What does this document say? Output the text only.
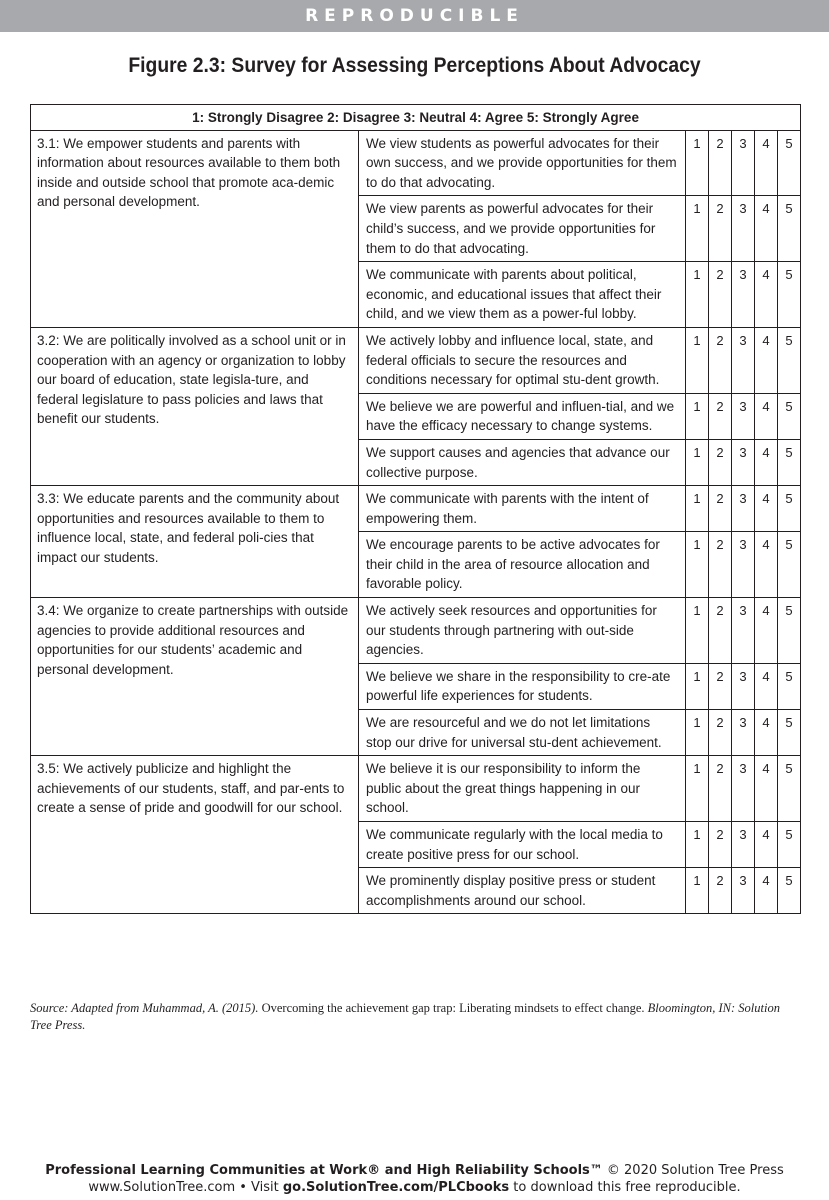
REPRODUCIBLE
Figure 2.3: Survey for Assessing Perceptions About Advocacy
1: Strongly Disagree 2: Disagree 3: Neutral 4: Agree 5: Strongly Agree						
3.1: We empower students and parents with information about resources available to them both inside and outside school that promote aca-demic and personal development.	We view students as powerful advocates for their own success, and we provide opportunities for them to do that advocating.	1	2	3	4	5
	We view parents as powerful advocates for their child’s success, and we provide opportunities for them to do that advocating.	1	2	3	4	5
	We communicate with parents about political, economic, and educational issues that affect their child, and we view them as a power-ful lobby.	1	2	3	4	5
3.2: We are politically involved as a school unit or in cooperation with an agency or organization to lobby our board of education, state legisla-ture, and federal legislature to pass policies and laws that benefit our students.	We actively lobby and influence local, state, and federal officials to secure the resources and conditions necessary for optimal stu-dent growth.	1	2	3	4	5
	We believe we are powerful and influen-tial, and we have the efficacy necessary to change systems.	1	2	3	4	5
	We support causes and agencies that advance our collective purpose.	1	2	3	4	5
3.3: We educate parents and the community about opportunities and resources available to them to influence local, state, and federal poli-cies that impact our students.	We communicate with parents with the intent of empowering them.	1	2	3	4	5
	We encourage parents to be active advocates for their child in the area of resource allocation and favorable policy.	1	2	3	4	5
3.4: We organize to create partnerships with outside agencies to provide additional resources and opportunities for our students’ academic and personal development.	We actively seek resources and opportunities for our students through partnering with out-side agencies.	1	2	3	4	5
	We believe we share in the responsibility to cre-ate powerful life experiences for students.	1	2	3	4	5
	We are resourceful and we do not let limitations stop our drive for universal stu-dent achievement.	1	2	3	4	5
3.5: We actively publicize and highlight the achievements of our students, staff, and par-ents to create a sense of pride and goodwill for our school.	We believe it is our responsibility to inform the public about the great things happening in our school.	1	2	3	4	5
	We communicate regularly with the local media to create positive press for our school.	1	2	3	4	5
	We prominently display positive press or student accomplishments around our school.	1	2	3	4	5
Source: Adapted from Muhammad, A. (2015). Overcoming the achievement gap trap: Liberating mindsets to effect change. Bloomington, IN: Solution Tree Press.
Professional Learning Communities at Work® and High Reliability Schools™ © 2020 Solution Tree Press
www.SolutionTree.com • Visit go.SolutionTree.com/PLCbooks to download this free reproducible.
